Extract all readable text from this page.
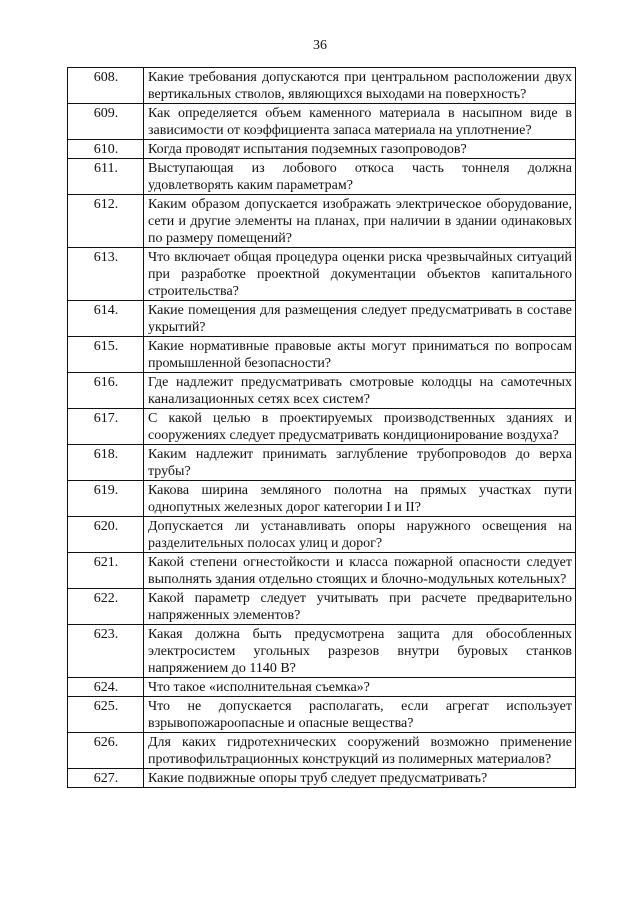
36
608.	Какие требования допускаются при центральном расположении двух вертикальных стволов, являющихся выходами на поверхность?
609.	Как определяется объем каменного материала в насыпном виде в зависимости от коэффициента запаса материала на уплотнение?
610.	Когда проводят испытания подземных газопроводов?
611.	Выступающая из лобового откоса часть тоннеля должна удовлетворять каким параметрам?
612.	Каким образом допускается изображать электрическое оборудование, сети и другие элементы на планах, при наличии в здании одинаковых по размеру помещений?
613.	Что включает общая процедура оценки риска чрезвычайных ситуаций при разработке проектной документации объектов капитального строительства?
614.	Какие помещения для размещения следует предусматривать в составе укрытий?
615.	Какие нормативные правовые акты могут приниматься по вопросам промышленной безопасности?
616.	Где надлежит предусматривать смотровые колодцы на самотечных канализационных сетях всех систем?
617.	С какой целью в проектируемых производственных зданиях и сооружениях следует предусматривать кондиционирование воздуха?
618.	Каким надлежит принимать заглубление трубопроводов до верха трубы?
619.	Какова ширина земляного полотна на прямых участках пути однопутных железных дорог категории I и II?
620.	Допускается ли устанавливать опоры наружного освещения на разделительных полосах улиц и дорог?
621.	Какой степени огнестойкости и класса пожарной опасности следует выполнять здания отдельно стоящих и блочно-модульных котельных?
622.	Какой параметр следует учитывать при расчете предварительно напряженных элементов?
623.	Какая должна быть предусмотрена защита для обособленных электросистем угольных разрезов внутри буровых станков напряжением до 1140 В?
624.	Что такое «исполнительная съемка»?
625.	Что не допускается располагать, если агрегат использует взрывопожароопасные и опасные вещества?
626.	Для каких гидротехнических сооружений возможно применение противофильтрационных конструкций из полимерных материалов?
627.	Какие подвижные опоры труб следует предусматривать?
